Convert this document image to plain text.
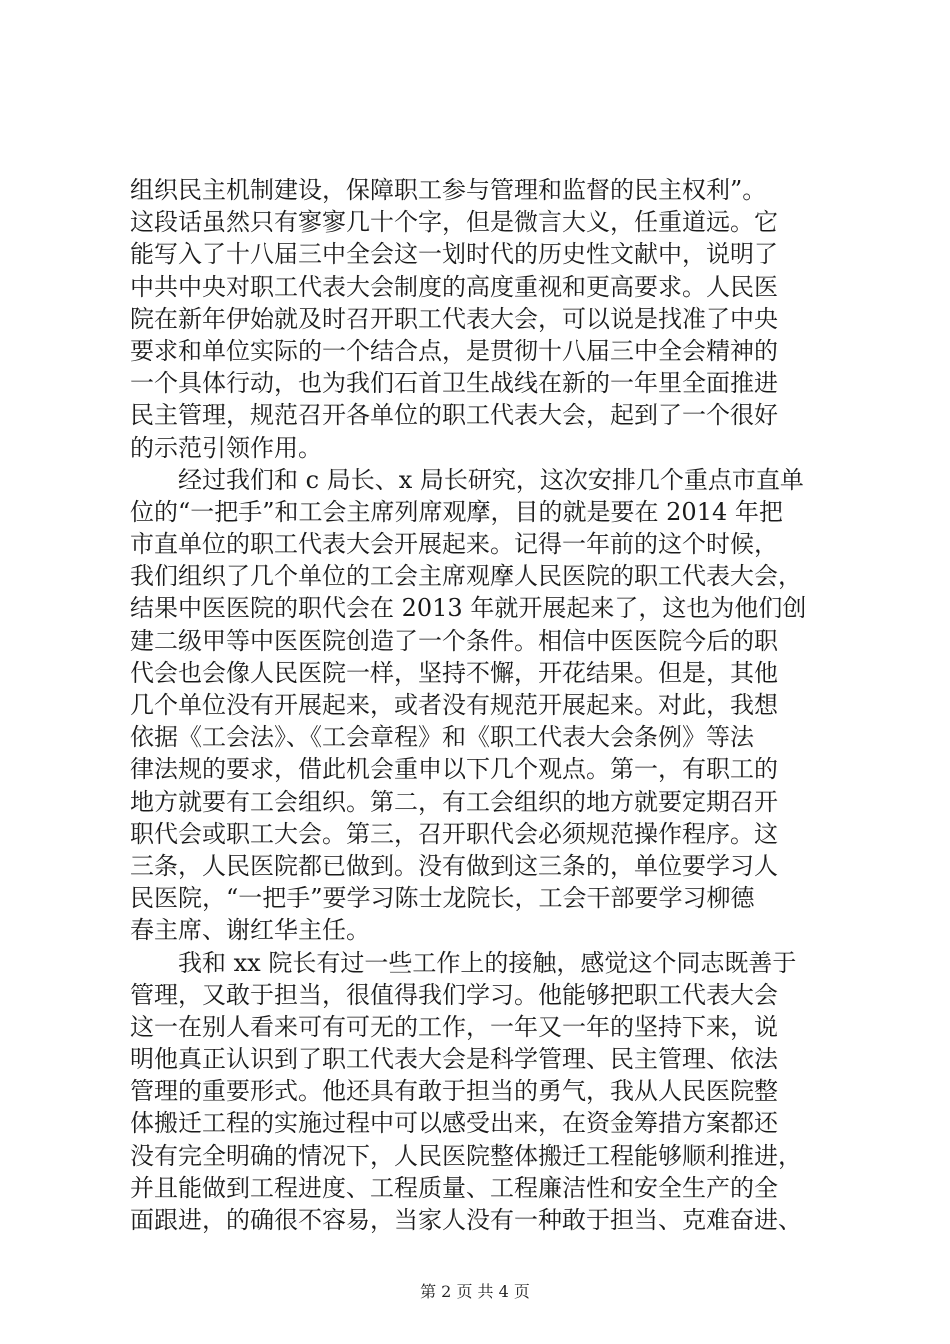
组织民主机制建设，保障职工参与管理和监督的民主权利”。
这段话虽然只有寥寥几十个字，但是微言大义，任重道远。它
能写入了十八届三中全会这一划时代的历史性文献中，说明了
中共中央对职工代表大会制度的高度重视和更高要求。人民医
院在新年伊始就及时召开职工代表大会，可以说是找准了中央
要求和单位实际的一个结合点，是贯彻十八届三中全会精神的
一个具体行动，也为我们石首卫生战线在新的一年里全面推进
民主管理，规范召开各单位的职工代表大会，起到了一个很好
的示范引领作用。
经过我们和 c 局长、x 局长研究，这次安排几个重点市直单
位的“一把手”和工会主席列席观摩，目的就是要在 2014 年把
市直单位的职工代表大会开展起来。记得一年前的这个时候，
我们组织了几个单位的工会主席观摩人民医院的职工代表大会，
结果中医医院的职代会在 2013 年就开展起来了，这也为他们创
建二级甲等中医医院创造了一个条件。相信中医医院今后的职
代会也会像人民医院一样，坚持不懈，开花结果。但是，其他
几个单位没有开展起来，或者没有规范开展起来。对此，我想
依据《工会法》、《工会章程》和《职工代表大会条例》等法
律法规的要求，借此机会重申以下几个观点。第一，有职工的
地方就要有工会组织。第二，有工会组织的地方就要定期召开
职代会或职工大会。第三，召开职代会必须规范操作程序。这
三条，人民医院都已做到。没有做到这三条的，单位要学习人
民医院，“一把手”要学习陈士龙院长，工会干部要学习柳德
春主席、谢红华主任。
我和 xx 院长有过一些工作上的接触，感觉这个同志既善于
管理，又敢于担当，很值得我们学习。他能够把职工代表大会
这一在别人看来可有可无的工作，一年又一年的坚持下来，说
明他真正认识到了职工代表大会是科学管理、民主管理、依法
管理的重要形式。他还具有敢于担当的勇气，我从人民医院整
体搬迁工程的实施过程中可以感受出来，在资金筹措方案都还
没有完全明确的情况下，人民医院整体搬迁工程能够顺利推进，
并且能做到工程进度、工程质量、工程廉洁性和安全生产的全
面跟进，的确很不容易，当家人没有一种敢于担当、克难奋进、
第 2 页 共 4 页
